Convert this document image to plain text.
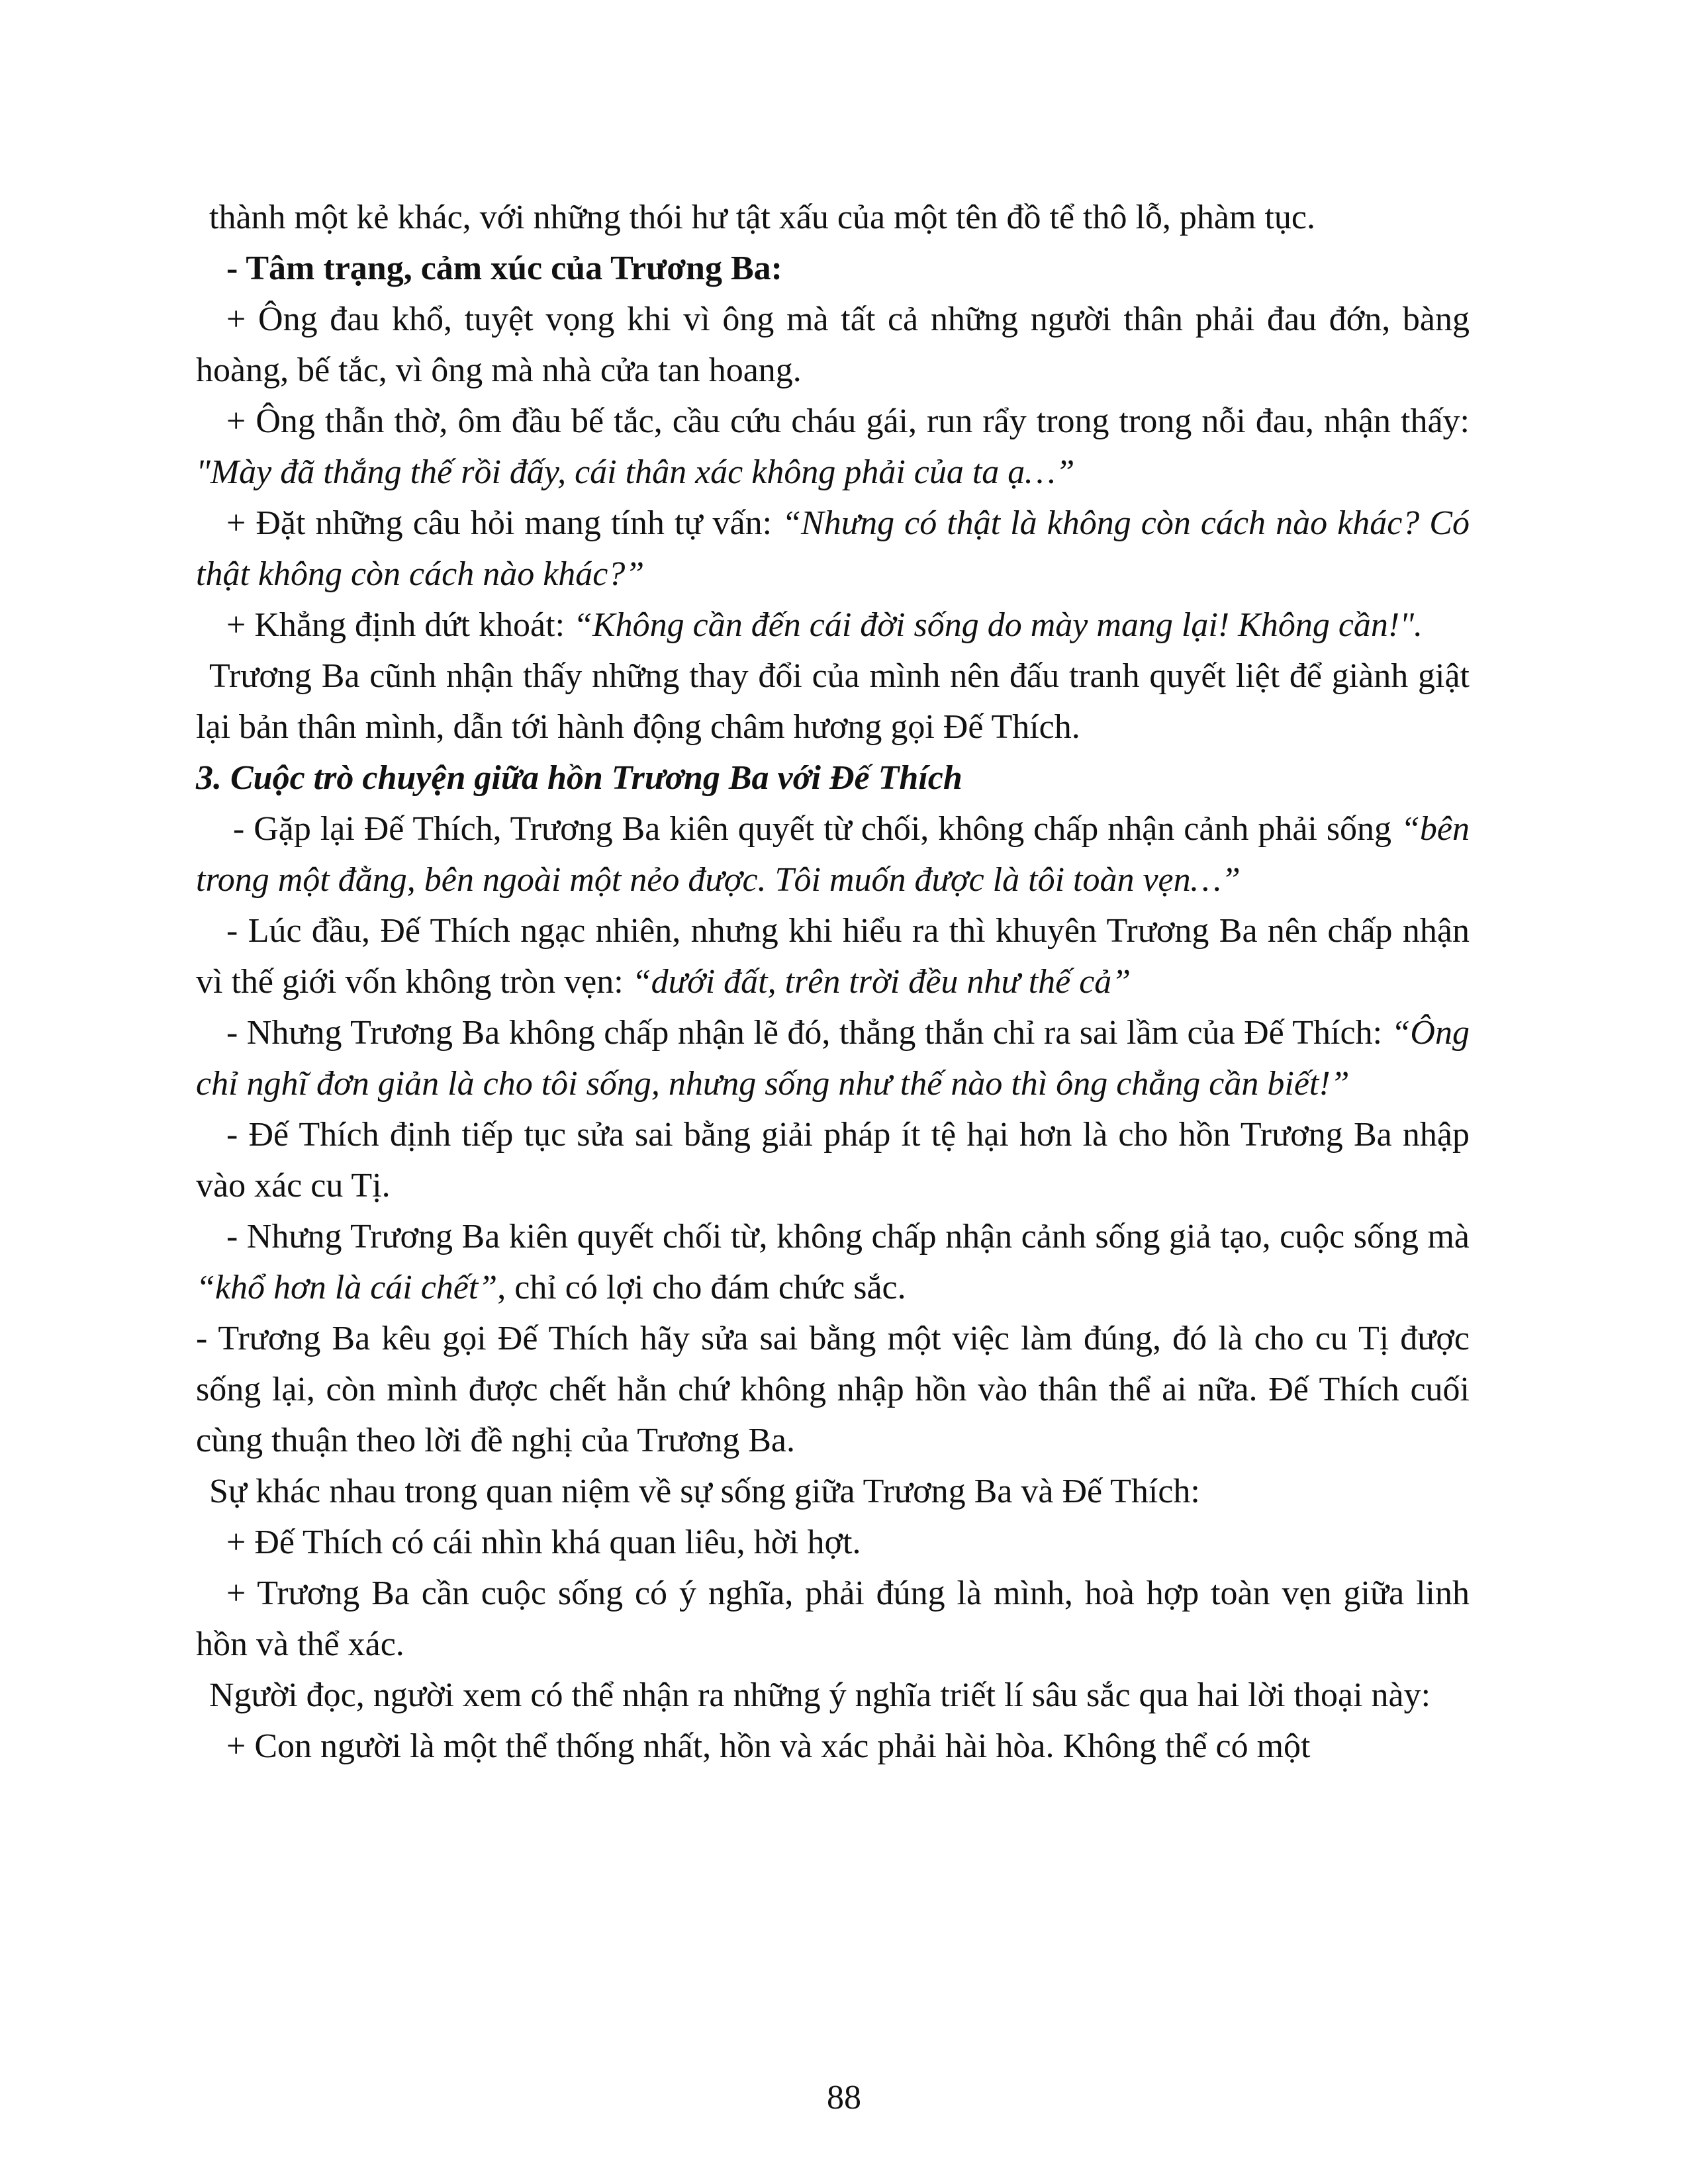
thành một kẻ khác, với những thói hư tật xấu của một tên đồ tể thô lỗ, phàm tục.

- Tâm trạng, cảm xúc của Trương Ba:

+ Ông đau khổ, tuyệt vọng khi vì ông mà tất cả những người thân phải đau đớn, bàng hoàng, bế tắc, vì ông mà nhà cửa tan hoang.

+ Ông thẫn thờ, ôm đầu bế tắc, cầu cứu cháu gái, run rẩy trong trong nỗi đau, nhận thấy: "Mày đã thắng thế rồi đấy, cái thân xác không phải của ta ạ…”

+ Đặt những câu hỏi mang tính tự vấn: “Nhưng có thật là không còn cách nào khác? Có thật không còn cách nào khác?”

+ Khẳng định dứt khoát: “Không cần đến cái đời sống do mày mang lại! Không cần!".

Trương Ba cũnh nhận thấy những thay đổi của mình nên đấu tranh quyết liệt để giành giật lại bản thân mình, dẫn tới hành động châm hương gọi Đế Thích.

3. Cuộc trò chuyện giữa hồn Trương Ba với Đế Thích

- Gặp lại Đế Thích, Trương Ba kiên quyết từ chối, không chấp nhận cảnh phải sống “bên trong một đằng, bên ngoài một nẻo được. Tôi muốn được là tôi toàn vẹn…”

- Lúc đầu, Đế Thích ngạc nhiên, nhưng khi hiểu ra thì khuyên Trương Ba nên chấp nhận vì thế giới vốn không tròn vẹn: “dưới đất, trên trời đều như thế cả”

- Nhưng Trương Ba không chấp nhận lẽ đó, thẳng thắn chỉ ra sai lầm của Đế Thích: “Ông chỉ nghĩ đơn giản là cho tôi sống, nhưng sống như thế nào thì ông chẳng cần biết!”

- Đế Thích định tiếp tục sửa sai bằng giải pháp ít tệ hại hơn là cho hồn Trương Ba nhập vào xác cu Tị.

- Nhưng Trương Ba kiên quyết chối từ, không chấp nhận cảnh sống giả tạo, cuộc sống mà “khổ hơn là cái chết”, chỉ có lợi cho đám chức sắc.

- Trương Ba kêu gọi Đế Thích hãy sửa sai bằng một việc làm đúng, đó là cho cu Tị được sống lại, còn mình được chết hẳn chứ không nhập hồn vào thân thể ai nữa. Đế Thích cuối cùng thuận theo lời đề nghị của Trương Ba.

Sự khác nhau trong quan niệm về sự sống giữa Trương Ba và Đế Thích:

+ Đế Thích có cái nhìn khá quan liêu, hời hợt.

+ Trương Ba cần cuộc sống có ý nghĩa, phải đúng là mình, hoà hợp toàn vẹn giữa linh hồn và thể xác.

Người đọc, người xem có thể nhận ra những ý nghĩa triết lí sâu sắc qua hai lời thoại này:

+ Con người là một thể thống nhất, hồn và xác phải hài hòa. Không thể có một

88
